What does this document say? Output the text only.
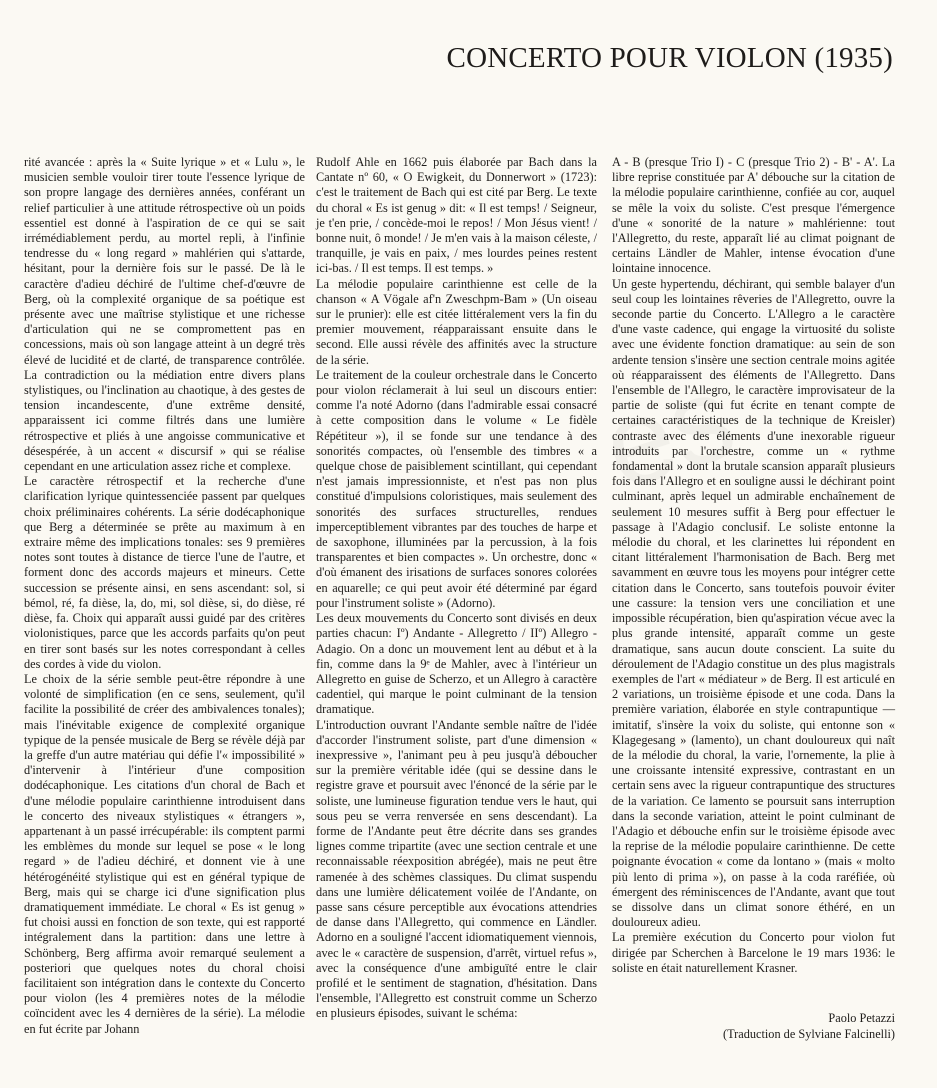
CONCERTO POUR VIOLON (1935)

rité avancée : après la « Suite lyrique » et « Lulu », le musicien semble vouloir tirer toute l'essence lyrique de son propre langage des dernières années, conférant un relief particulier à une attitude rétrospective où un poids essentiel est donné à l'aspiration de ce qui se sait irrémédiablement perdu, au mortel repli, à l'infinie tendresse du « long regard » mahlérien qui s'attarde, hésitant, pour la dernière fois sur le passé. De là le caractère d'adieu déchiré de l'ultime chef-d'œuvre de Berg, où la complexité organique de sa poétique est présente avec une maîtrise stylistique et une richesse d'articulation qui ne se compromettent pas en concessions, mais où son langage atteint à un degré très élevé de lucidité et de clarté, de transparence contrôlée. La contradiction ou la médiation entre divers plans stylistiques, ou l'inclination au chaotique, à des gestes de tension incandescente, d'une extrême densité, apparaissent ici comme filtrés dans une lumière rétrospective et pliés à une angoisse communicative et désespérée, à un accent « discursif » qui se réalise cependant en une articulation assez riche et complexe.

Le caractère rétrospectif et la recherche d'une clarification lyrique quintessenciée passent par quelques choix préliminaires cohérents. La série dodécaphonique que Berg a déterminée se prête au maximum à en extraire même des implications tonales: ses 9 premières notes sont toutes à distance de tierce l'une de l'autre, et forment donc des accords majeurs et mineurs. Cette succession se présente ainsi, en sens ascendant: sol, si bémol, ré, fa dièse, la, do, mi, sol dièse, si, do dièse, ré dièse, fa. Choix qui apparaît aussi guidé par des critères violonistiques, parce que les accords parfaits qu'on peut en tirer sont basés sur les notes correspondant à celles des cordes à vide du violon.

Le choix de la série semble peut-être répondre à une volonté de simplification (en ce sens, seulement, qu'il facilite la possibilité de créer des ambivalences tonales); mais l'inévitable exigence de complexité organique typique de la pensée musicale de Berg se révèle déjà par la greffe d'un autre matériau qui défie l'« impossibilité » d'intervenir à l'intérieur d'une composition dodécaphonique. Les citations d'un choral de Bach et d'une mélodie populaire carinthienne introduisent dans le concerto des niveaux stylistiques « étrangers », appartenant à un passé irrécupérable: ils comptent parmi les emblèmes du monde sur lequel se pose « le long regard » de l'adieu déchiré, et donnent vie à une hétérogénéité stylistique qui est en général typique de Berg, mais qui se charge ici d'une signification plus dramatiquement immédiate. Le choral « Es ist genug » fut choisi aussi en fonction de son texte, qui est rapporté intégralement dans la partition: dans une lettre à Schönberg, Berg affirma avoir remarqué seulement a posteriori que quelques notes du choral choisi facilitaient son intégration dans le contexte du Concerto pour violon (les 4 premières notes de la mélodie coïncident avec les 4 dernières de la série). La mélodie en fut écrite par Johann

Rudolf Ahle en 1662 puis élaborée par Bach dans la Cantate nº 60, « O Ewigkeit, du Donnerwort » (1723): c'est le traitement de Bach qui est cité par Berg. Le texte du choral « Es ist genug » dit: « Il est temps! / Seigneur, je t'en prie, / concède-moi le repos! / Mon Jésus vient! / bonne nuit, ô monde! / Je m'en vais à la maison céleste, / tranquille, je vais en paix, / mes lourdes peines restent ici-bas. / Il est temps. Il est temps. »

La mélodie populaire carinthienne est celle de la chanson « A Vögale af'n Zweschpm-Bam » (Un oiseau sur le prunier): elle est citée littéralement vers la fin du premier mouvement, réapparaissant ensuite dans le second. Elle aussi révèle des affinités avec la structure de la série.

Le traitement de la couleur orchestrale dans le Concerto pour violon réclamerait à lui seul un discours entier: comme l'a noté Adorno (dans l'admirable essai consacré à cette composition dans le volume « Le fidèle Répétiteur »), il se fonde sur une tendance à des sonorités compactes, où l'ensemble des timbres « a quelque chose de paisiblement scintillant, qui cependant n'est jamais impressionniste, et n'est pas non plus constitué d'impulsions coloristiques, mais seulement des sonorités des surfaces structurelles, rendues imperceptiblement vibrantes par des touches de harpe et de saxophone, illuminées par la percussion, à la fois transparentes et bien compactes ». Un orchestre, donc « d'où émanent des irisations de surfaces sonores colorées en aquarelle; ce qui peut avoir été déterminé par égard pour l'instrument soliste » (Adorno).

Les deux mouvements du Concerto sont divisés en deux parties chacun: Iº) Andante - Allegretto / IIº) Allegro - Adagio. On a donc un mouvement lent au début et à la fin, comme dans la 9ᵉ de Mahler, avec à l'intérieur un Allegretto en guise de Scherzo, et un Allegro à caractère cadentiel, qui marque le point culminant de la tension dramatique.

L'introduction ouvrant l'Andante semble naître de l'idée d'accorder l'instrument soliste, part d'une dimension « inexpressive », l'animant peu à peu jusqu'à déboucher sur la première véritable idée (qui se dessine dans le registre grave et poursuit avec l'énoncé de la série par le soliste, une lumineuse figuration tendue vers le haut, qui sous peu se verra renversée en sens descendant). La forme de l'Andante peut être décrite dans ses grandes lignes comme tripartite (avec une section centrale et une reconnaissable réexposition abrégée), mais ne peut être ramenée à des schèmes classiques. Du climat suspendu dans une lumière délicatement voilée de l'Andante, on passe sans césure perceptible aux évocations attendries de danse dans l'Allegretto, qui commence en Ländler. Adorno en a souligné l'accent idiomatiquement viennois, avec le « caractère de suspension, d'arrêt, virtuel refus », avec la conséquence d'une ambiguïté entre le clair profilé et le sentiment de stagnation, d'hésitation. Dans l'ensemble, l'Allegretto est construit comme un Scherzo en plusieurs épisodes, suivant le schéma:

A - B (presque Trio I) - C (presque Trio 2) - B' - A'. La libre reprise constituée par A' débouche sur la citation de la mélodie populaire carinthienne, confiée au cor, auquel se mêle la voix du soliste. C'est presque l'émergence d'une « sonorité de la nature » mahlérienne: tout l'Allegretto, du reste, apparaît lié au climat poignant de certains Ländler de Mahler, intense évocation d'une lointaine innocence.

Un geste hypertendu, déchirant, qui semble balayer d'un seul coup les lointaines rêveries de l'Allegretto, ouvre la seconde partie du Concerto. L'Allegro a le caractère d'une vaste cadence, qui engage la virtuosité du soliste avec une évidente fonction dramatique: au sein de son ardente tension s'insère une section centrale moins agitée où réapparaissent des éléments de l'Allegretto. Dans l'ensemble de l'Allegro, le caractère improvisateur de la partie de soliste (qui fut écrite en tenant compte de certaines caractéristiques de la technique de Kreisler) contraste avec des éléments d'une inexorable rigueur introduits par l'orchestre, comme un « rythme fondamental » dont la brutale scansion apparaît plusieurs fois dans l'Allegro et en souligne aussi le déchirant point culminant, après lequel un admirable enchaînement de seulement 10 mesures suffit à Berg pour effectuer le passage à l'Adagio conclusif. Le soliste entonne la mélodie du choral, et les clarinettes lui répondent en citant littéralement l'harmonisation de Bach. Berg met savamment en œuvre tous les moyens pour intégrer cette citation dans le Concerto, sans toutefois pouvoir éviter une cassure: la tension vers une conciliation et une impossible récupération, bien qu'aspiration vécue avec la plus grande intensité, apparaît comme un geste dramatique, sans aucun doute conscient. La suite du déroulement de l'Adagio constitue un des plus magistrals exemples de l'art « médiateur » de Berg. Il est articulé en 2 variations, un troisième épisode et une coda. Dans la première variation, élaborée en style contrapuntique — imitatif, s'insère la voix du soliste, qui entonne son « Klagegesang » (lamento), un chant douloureux qui naît de la mélodie du choral, la varie, l'ornemente, la plie à une croissante intensité expressive, contrastant en un certain sens avec la rigueur contrapuntique des structures de la variation. Ce lamento se poursuit sans interruption dans la seconde variation, atteint le point culminant de l'Adagio et débouche enfin sur le troisième épisode avec la reprise de la mélodie populaire carinthienne. De cette poignante évocation « come da lontano » (mais « molto più lento di prima »), on passe à la coda raréfiée, où émergent des réminiscences de l'Andante, avant que tout se dissolve dans un climat sonore éthéré, en un douloureux adieu.

La première exécution du Concerto pour violon fut dirigée par Scherchen à Barcelone le 19 mars 1936: le soliste en était naturellement Krasner.

Paolo Petazzi
(Traduction de Sylviane Falcinelli)
